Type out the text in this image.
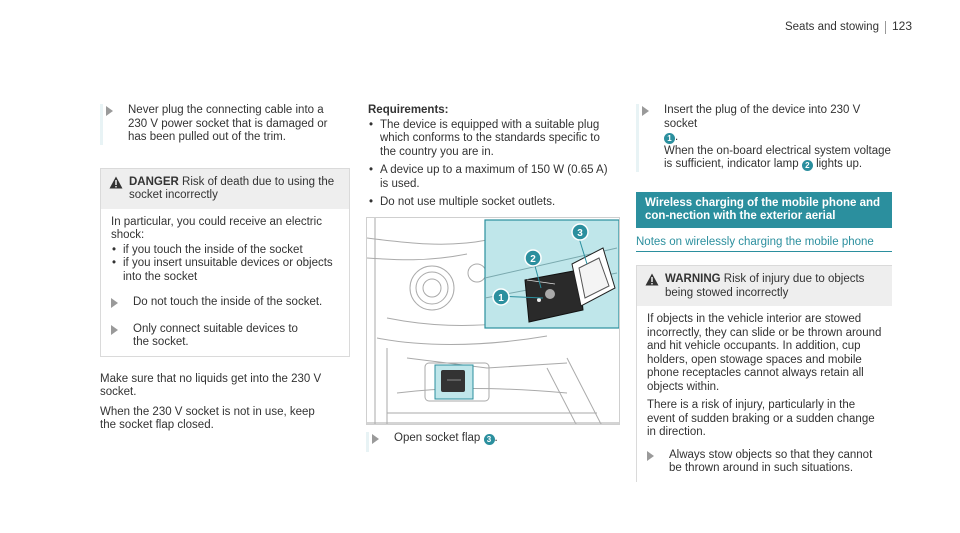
Seats and stowing 123
Never plug the connecting cable into a 230 V power socket that is damaged or has been pulled out of the trim.
DANGER Risk of death due to using the socket incorrectly

In particular, you could receive an electric shock:

• if you touch the inside of the socket
• if you insert unsuitable devices or objects into the socket
Do not touch the inside of the socket.
Only connect suitable devices to the socket.

Make sure that no liquids get into the 230 V socket.

When the 230 V socket is not in use, keep the socket flap closed.

Requirements:

• The device is equipped with a suitable plug which conforms to the standards specific to the country you are in.
• A device up to a maximum of 150 W (0.65 A) is used.
• Do not use multiple socket outlets.
1
2
3
Open socket flap 3 .
Insert the plug of the device into 230 V socket
1 .
When the on-board electrical system voltage is sufficient, indicator lamp 2 lights up.
Wireless charging of the mobile phone and con-nection with the exterior aerial
Notes on wirelessly charging the mobile phone
WARNING Risk of injury due to objects being stowed incorrectly

If objects in the vehicle interior are stowed incorrectly, they can slide or be thrown around and hit vehicle occupants. In addition, cup holders, open stowage spaces and mobile phone receptacles cannot always retain all objects within.

There is a risk of injury, particularly in the event of sudden braking or a sudden change in direction.

Always stow objects so that they cannot be thrown around in such situations.
